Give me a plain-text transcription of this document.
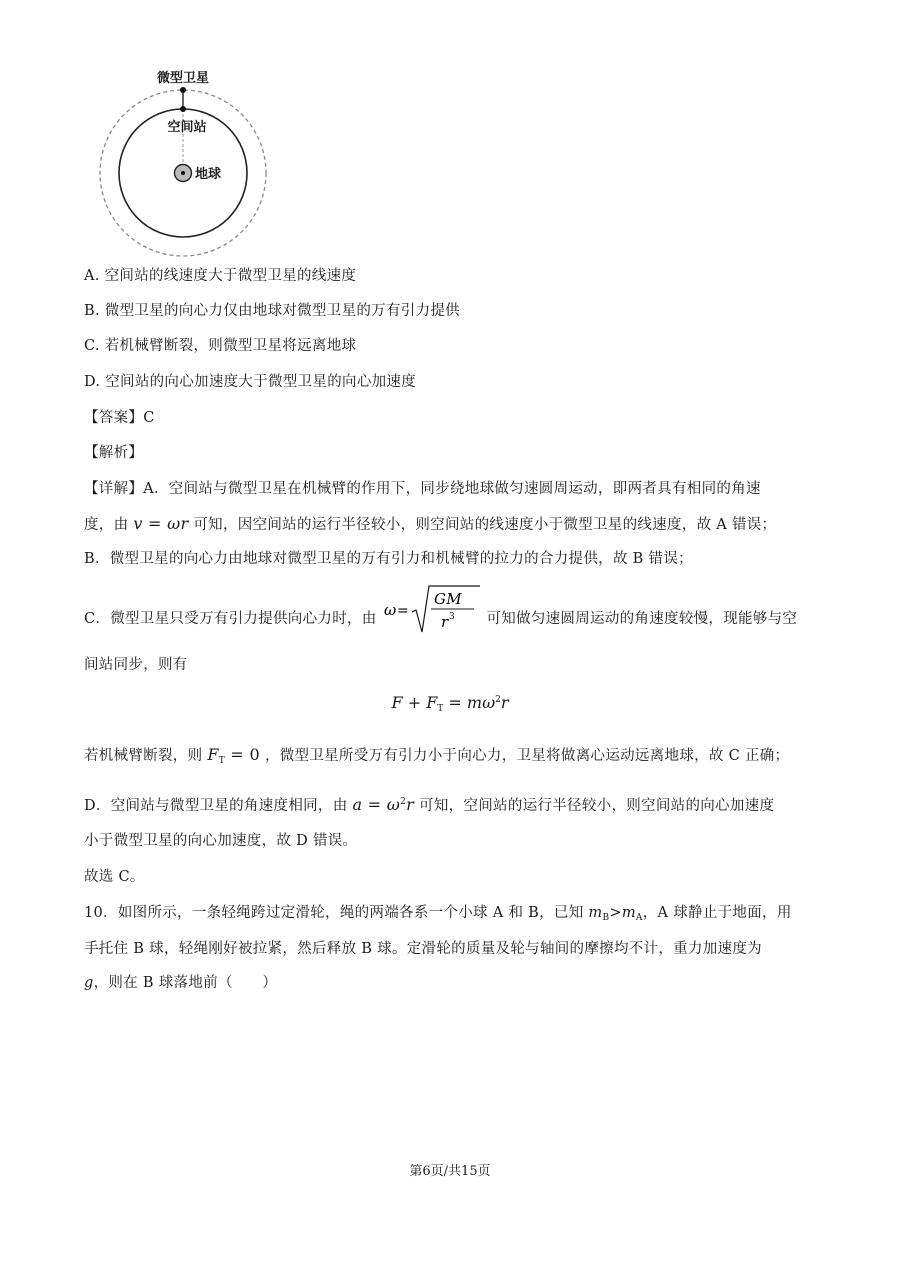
微型卫星
空间站
地球
A. 空间站的线速度大于微型卫星的线速度
B. 微型卫星的向心力仅由地球对微型卫星的万有引力提供
C. 若机械臂断裂，则微型卫星将远离地球
D. 空间站的向心加速度大于微型卫星的向心加速度
【答案】C
【解析】
【详解】A．空间站与微型卫星在机械臂的作用下，同步绕地球做匀速圆周运动，即两者具有相同的角速
度，由 v = ωr 可知，因空间站的运行半径较小，则空间站的线速度小于微型卫星的线速度，故 A 错误；
B．微型卫星的向心力由地球对微型卫星的万有引力和机械臂的拉力的合力提供，故 B 错误；
C．微型卫星只受万有引力提供向心力时，由 ω =
GM
r 3 可知做匀速圆周运动的角速度较慢，现能够与空
间站同步，则有
$F + F_T = m\omega^2r$
若机械臂断裂，则 $F_T = 0$ ，微型卫星所受万有引力小于向心力，卫星将做离心运动远离地球，故 C 正确；
D．空间站与微型卫星的角速度相同，由 $a = \omega^2r$ 可知，空间站的运行半径较小，则空间站的向心加速度
小于微型卫星的向心加速度，故 D 错误。
故选 C。
10．如图所示，一条轻绳跨过定滑轮，绳的两端各系一个小球 A 和 B，已知 $m_B>m_A$，A 球静止于地面，用
手托住 B 球，轻绳刚好被拉紧，然后释放 B 球。定滑轮的质量及轮与轴间的摩擦均不计，重力加速度为
g，则在 B 球落地前（　　）
第6页/共15页
